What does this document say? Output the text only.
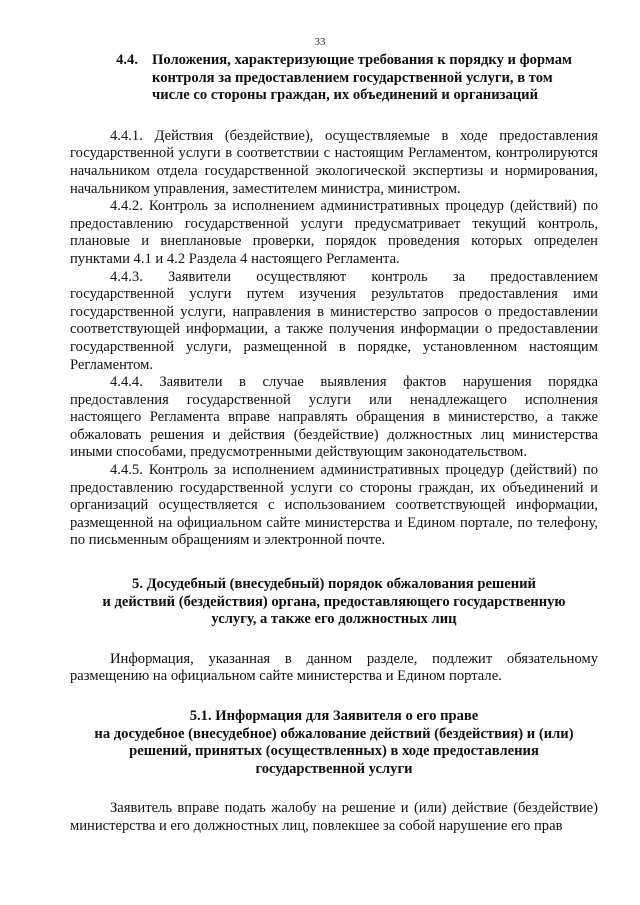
33
4.4. Положения, характеризующие требования к порядку и формам
контроля за предоставлением государственной услуги, в том
числе со стороны граждан, их объединений и организаций

4.4.1. Действия (бездействие), осуществляемые в ходе предоставления государственной услуги в соответствии с настоящим Регламентом, контролируются начальником отдела государственной экологической экспертизы и нормирования, начальником управления, заместителем министра, министром.

4.4.2. Контроль за исполнением административных процедур (действий) по предоставлению государственной услуги предусматривает текущий контроль, плановые и внеплановые проверки, порядок проведения которых определен пунктами 4.1 и 4.2 Раздела 4 настоящего Регламента.

4.4.3. Заявители осуществляют контроль за предоставлением государственной услуги путем изучения результатов предоставления ими государственной услуги, направления в министерство запросов о предоставлении соответствующей информации, а также получения информации о предоставлении государственной услуги, размещенной в порядке, установленном настоящим Регламентом.

4.4.4. Заявители в случае выявления фактов нарушения порядка предоставления государственной услуги или ненадлежащего исполнения настоящего Регламента вправе направлять обращения в министерство, а также обжаловать решения и действия (бездействие) должностных лиц министерства иными способами, предусмотренными действующим законодательством.

4.4.5. Контроль за исполнением административных процедур (действий) по предоставлению государственной услуги со стороны граждан, их объединений и организаций осуществляется с использованием соответствующей информации, размещенной на официальном сайте министерства и Едином портале, по телефону, по письменным обращениям и электронной почте.

5. Досудебный (внесудебный) порядок обжалования решений
и действий (бездействия) органа, предоставляющего государственную
услугу, а также его должностных лиц

Информация, указанная в данном разделе, подлежит обязательному размещению на официальном сайте министерства и Едином портале.

5.1. Информация для Заявителя о его праве
на досудебное (внесудебное) обжалование действий (бездействия) и (или)
решений, принятых (осуществленных) в ходе предоставления
государственной услуги

Заявитель вправе подать жалобу на решение и (или) действие (бездействие) министерства и его должностных лиц, повлекшее за собой нарушение его прав
